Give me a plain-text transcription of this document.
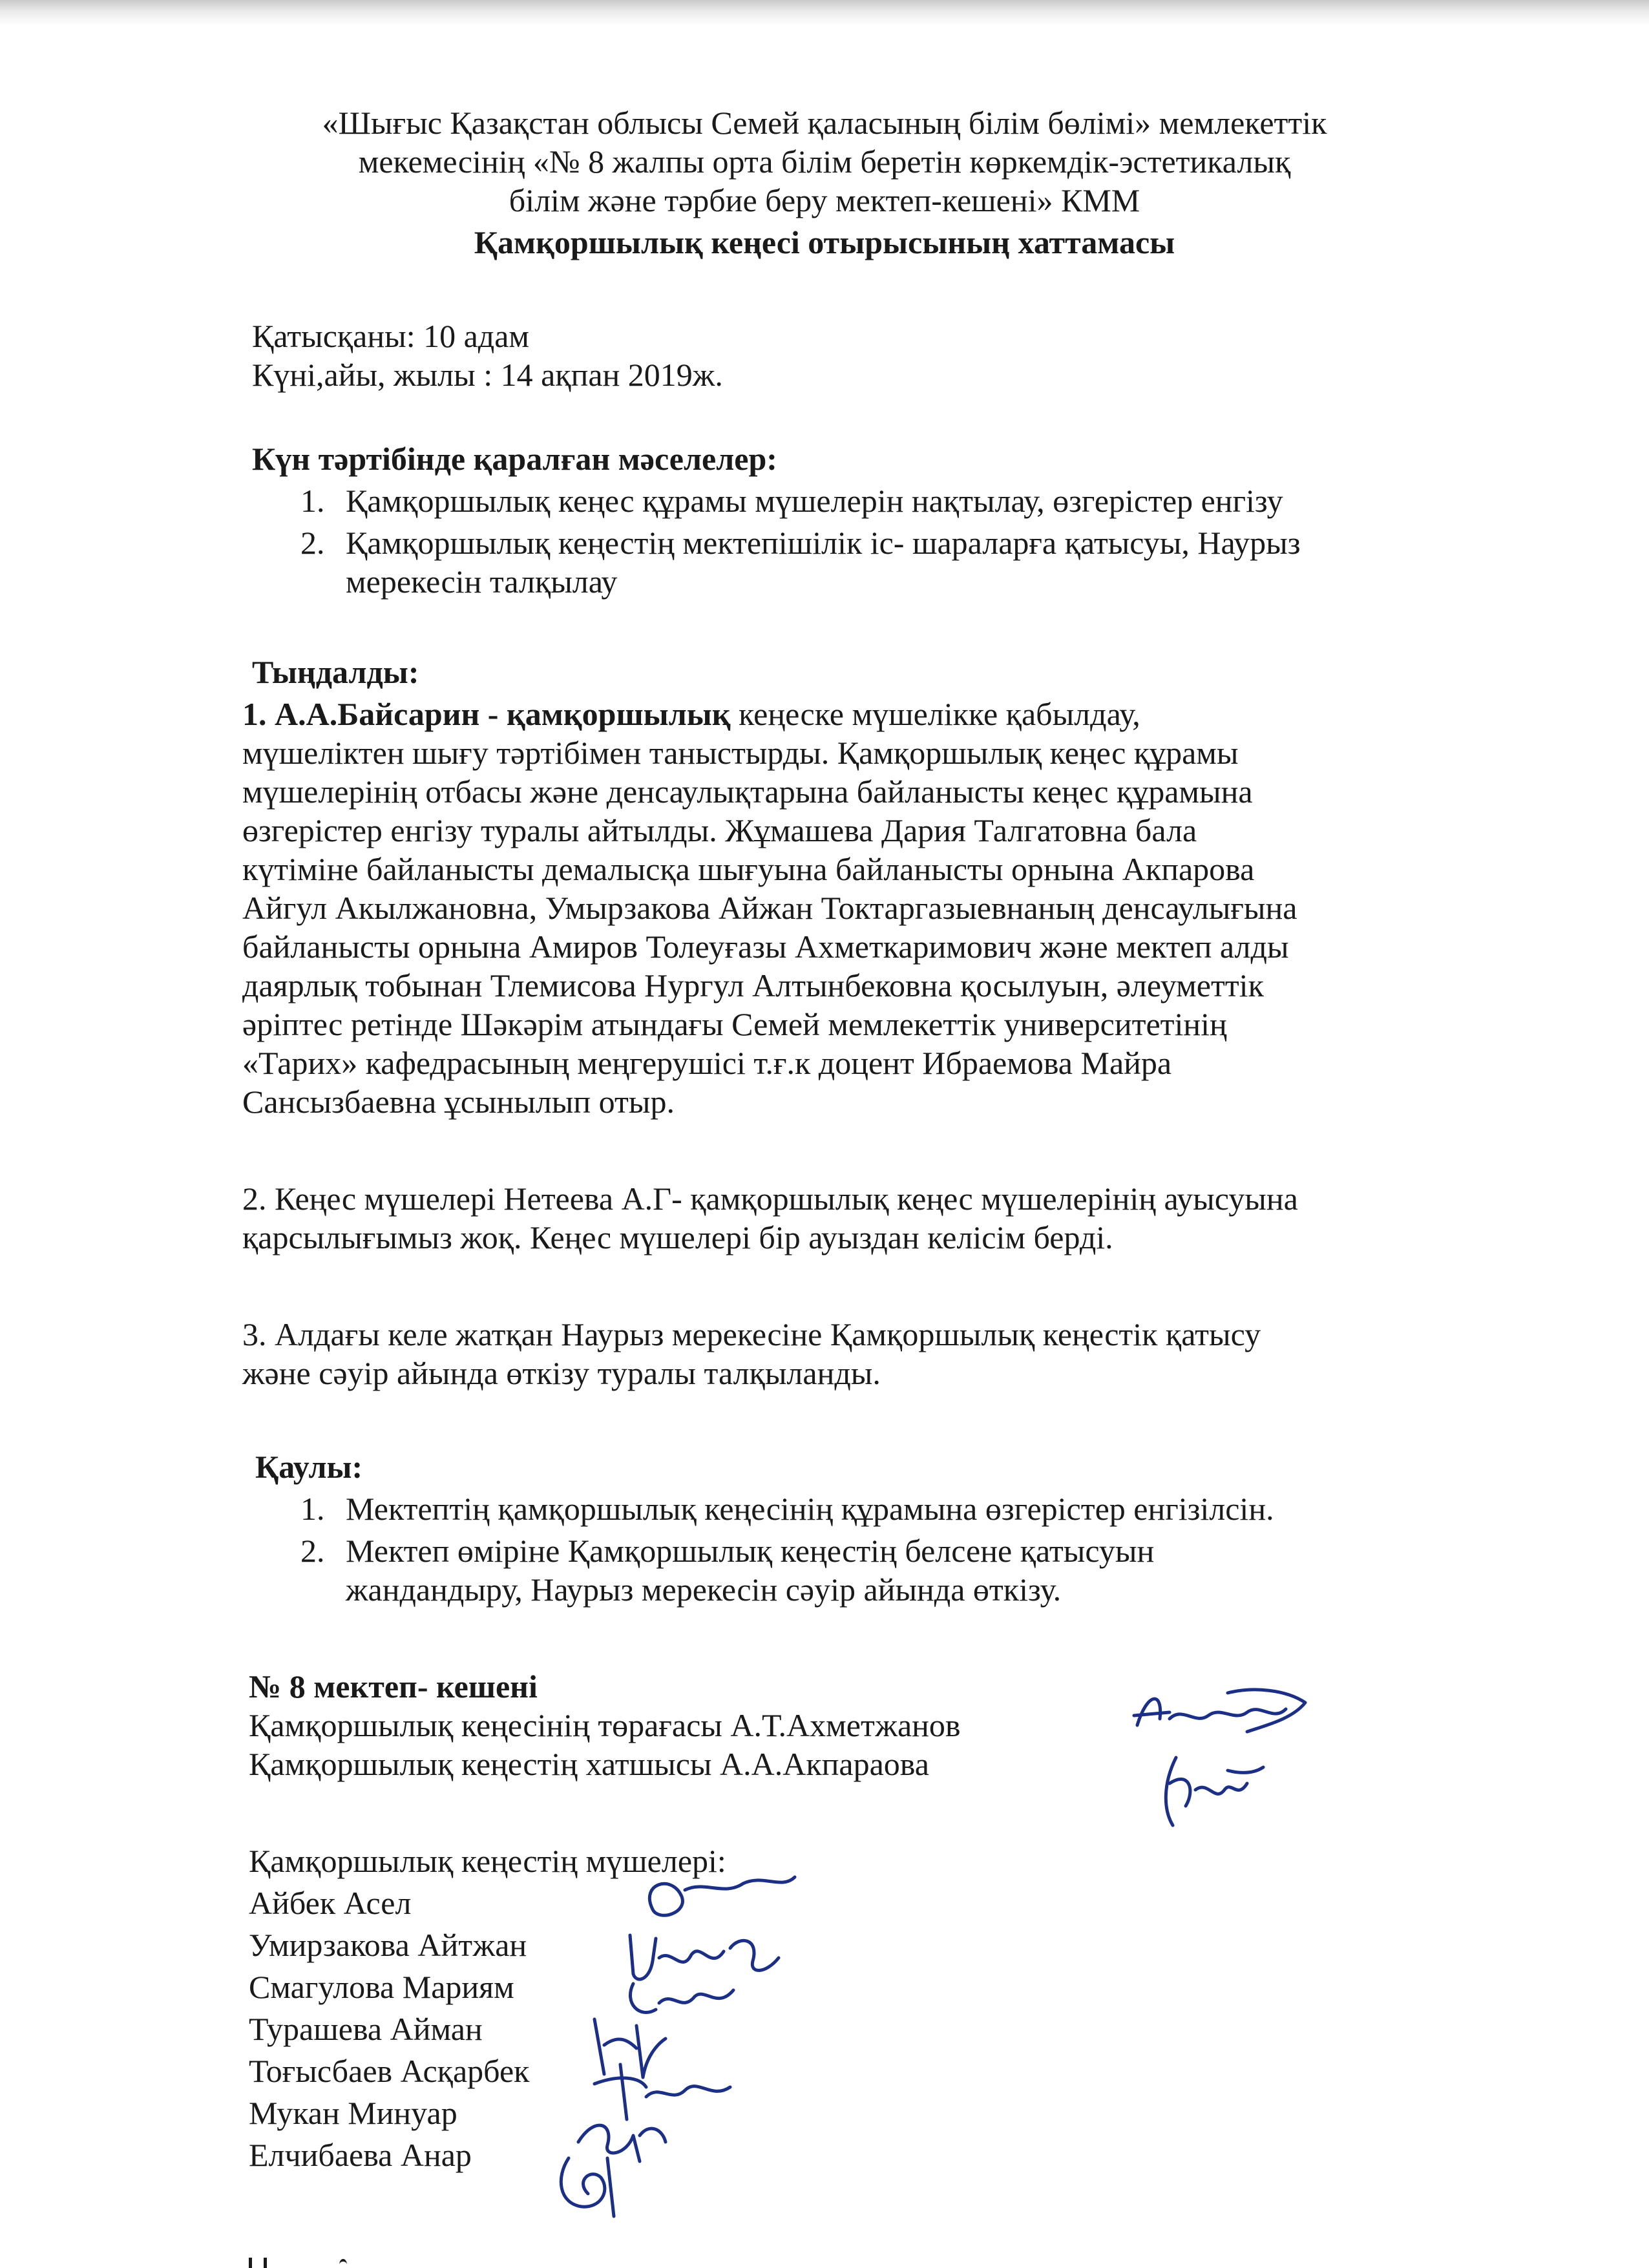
«Шығыс Қазақстан облысы Семей қаласының білім бөлімі» мемлекеттік
мекемесінің «№ 8 жалпы орта білім беретін көркемдік-эстетикалық
білім және тәрбие беру мектеп-кешені» КММ
Қамқоршылық кеңесі отырысының хаттамасы
Қатысқаны: 10 адам
Күні,айы, жылы : 14 ақпан 2019ж.
Күн тәртібінде қаралған мәселелер:
1. Қамқоршылық кеңес құрамы мүшелерін нақтылау, өзгерістер енгізу
2. Қамқоршылық кеңестің мектепішілік іс- шараларға қатысуы, Наурыз
мерекесін талқылау
Тыңдалды:
1. А.А.Байсарин - қамқоршылық кеңеске мүшелікке қабылдау,
мүшеліктен шығу тәртібімен таныстырды. Қамқоршылық кеңес құрамы
мүшелерінің отбасы және денсаулықтарына байланысты кеңес құрамына
өзгерістер енгізу туралы айтылды. Жұмашева Дария Талгатовна бала
күтіміне байланысты демалысқа шығуына байланысты орнына Акпарова
Айгул Акылжановна, Умырзакова Айжан Токтаргазыевнаның денсаулығына
байланысты орнына Амиров Толеуғазы Ахметкаримович және мектеп алды
даярлық тобынан Тлемисова Нургул Алтынбековна қосылуын, әлеуметтік
әріптес ретінде Шәкәрім атындағы Семей мемлекеттік университетінің
«Тарих» кафедрасының меңгерушісі т.ғ.к доцент Ибраемова Майра
Сансызбаевна ұсынылып отыр.
2. Кеңес мүшелері Нетеева А.Г- қамқоршылық кеңес мүшелерінің ауысуына
қарсылығымыз жоқ. Кеңес мүшелері бір ауыздан келісім берді.
3. Алдағы келе жатқан Наурыз мерекесіне Қамқоршылық кеңестік қатысу
және сәуір айында өткізу туралы талқыланды.
Қаулы:
1. Мектептің қамқоршылық кеңесінің құрамына өзгерістер енгізілсін.
2. Мектеп өміріне Қамқоршылық кеңестің белсене қатысуын
жандандыру, Наурыз мерекесін сәуір айында өткізу.
№ 8 мектеп- кешені
Қамқоршылық кеңесінің төрағасы А.Т.Ахметжанов
Қамқоршылық кеңестің хатшысы А.А.Акпараова
Қамқоршылық кеңестің мүшелері:
Айбек Асел
Умирзакова Айтжан
Смагулова Мариям
Турашева Айман
Тоғысбаев Асқарбек
Мукан Минуар
Елчибаева Анар
